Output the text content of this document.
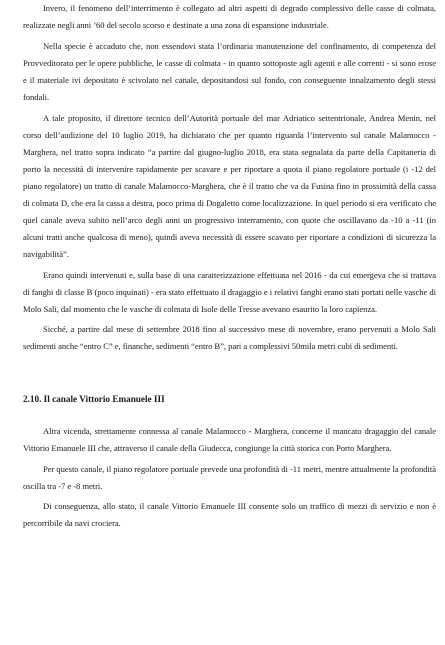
Invero, il fenomeno dell’interrimento è collegato ad altri aspetti di degrado complessivo delle casse di colmata, realizzate negli anni ’60 del secolo scorso e destinate a una zona di espansione industriale.

Nella specie è accaduto che, non essendovi stata l’ordinaria manutenzione del confinamento, di competenza del Provveditorato per le opere pubbliche, le casse di colmata - in quanto sottoposte agli agenti e alle correnti - si sono erose e il materiale ivi depositato è scivolato nel canale, depositandosi sul fondo, con conseguente innalzamento degli stessi fondali.

A tale proposito, il direttore tecnico dell’Autorità portuale del mar Adriatico settentrionale, Andrea Menin, nel corso dell’audizione del 10 luglio 2019, ha dichiarato che per quanto riguarda l’intervento sul canale Malamocco - Marghera, nel tratto sopra indicato “a partire dal giugno-luglio 2018, era stata segnalata da parte della Capitaneria di porto la necessità di intervenire rapidamente per scavare e per riportare a quota il piano regolatore portuale (i -12 del piano regolatore) un tratto di canale Malamocco-Marghera, che è il tratto che va da Fusina fino in prossimità della cassa di colmata D, che era la cassa a destra, poco prima di Dogaletto come localizzazione. In quel periodo si era verificato che quel canale aveva subito nell’arco degli anni un progressivo interramento, con quote che oscillavano da -10 a -11 (in alcuni tratti anche qualcosa di meno), quindi aveva necessità di essere scavato per riportare a condizioni di sicurezza la navigabilità”.

Erano quindi intervenuti e, sulla base di una caratterizzazione effettuata nel 2016 - da cui emergeva che si trattava di fanghi di classe B (poco inquinati) - era stato effettuato il dragaggio e i relativi fanghi erano stati portati nelle vasche di Molo Sali, dal momento che le vasche di colmata di Isole delle Tresse avevano esaurito la loro capienza.

Sicché, a partire dal mese di settembre 2018 fino al successivo mese di novembre, erano pervenuti a Molo Sali sedimenti anche “entro C” e, finanche, sedimenti “entro B”, pari a complessivi 50mila metri cubi di sedimenti.

2.10. Il canale Vittorio Emanuele III

Altra vicenda, strettamente connessa al canale Malamocco - Marghera, concerne il mancato dragaggio del canale Vittorio Emanuele III che, attraverso il canale della Giudecca, congiunge la città storica con Porto Marghera.

Per questo canale, il piano regolatore portuale prevede una profondità di -11 metri, mentre attualmente la profondità oscilla tra -7 e -8 metri.

Di conseguenza, allo stato, il canale Vittorio Emanuele III consente solo un traffico di mezzi di servizio e non è percorribile da navi crociera.
